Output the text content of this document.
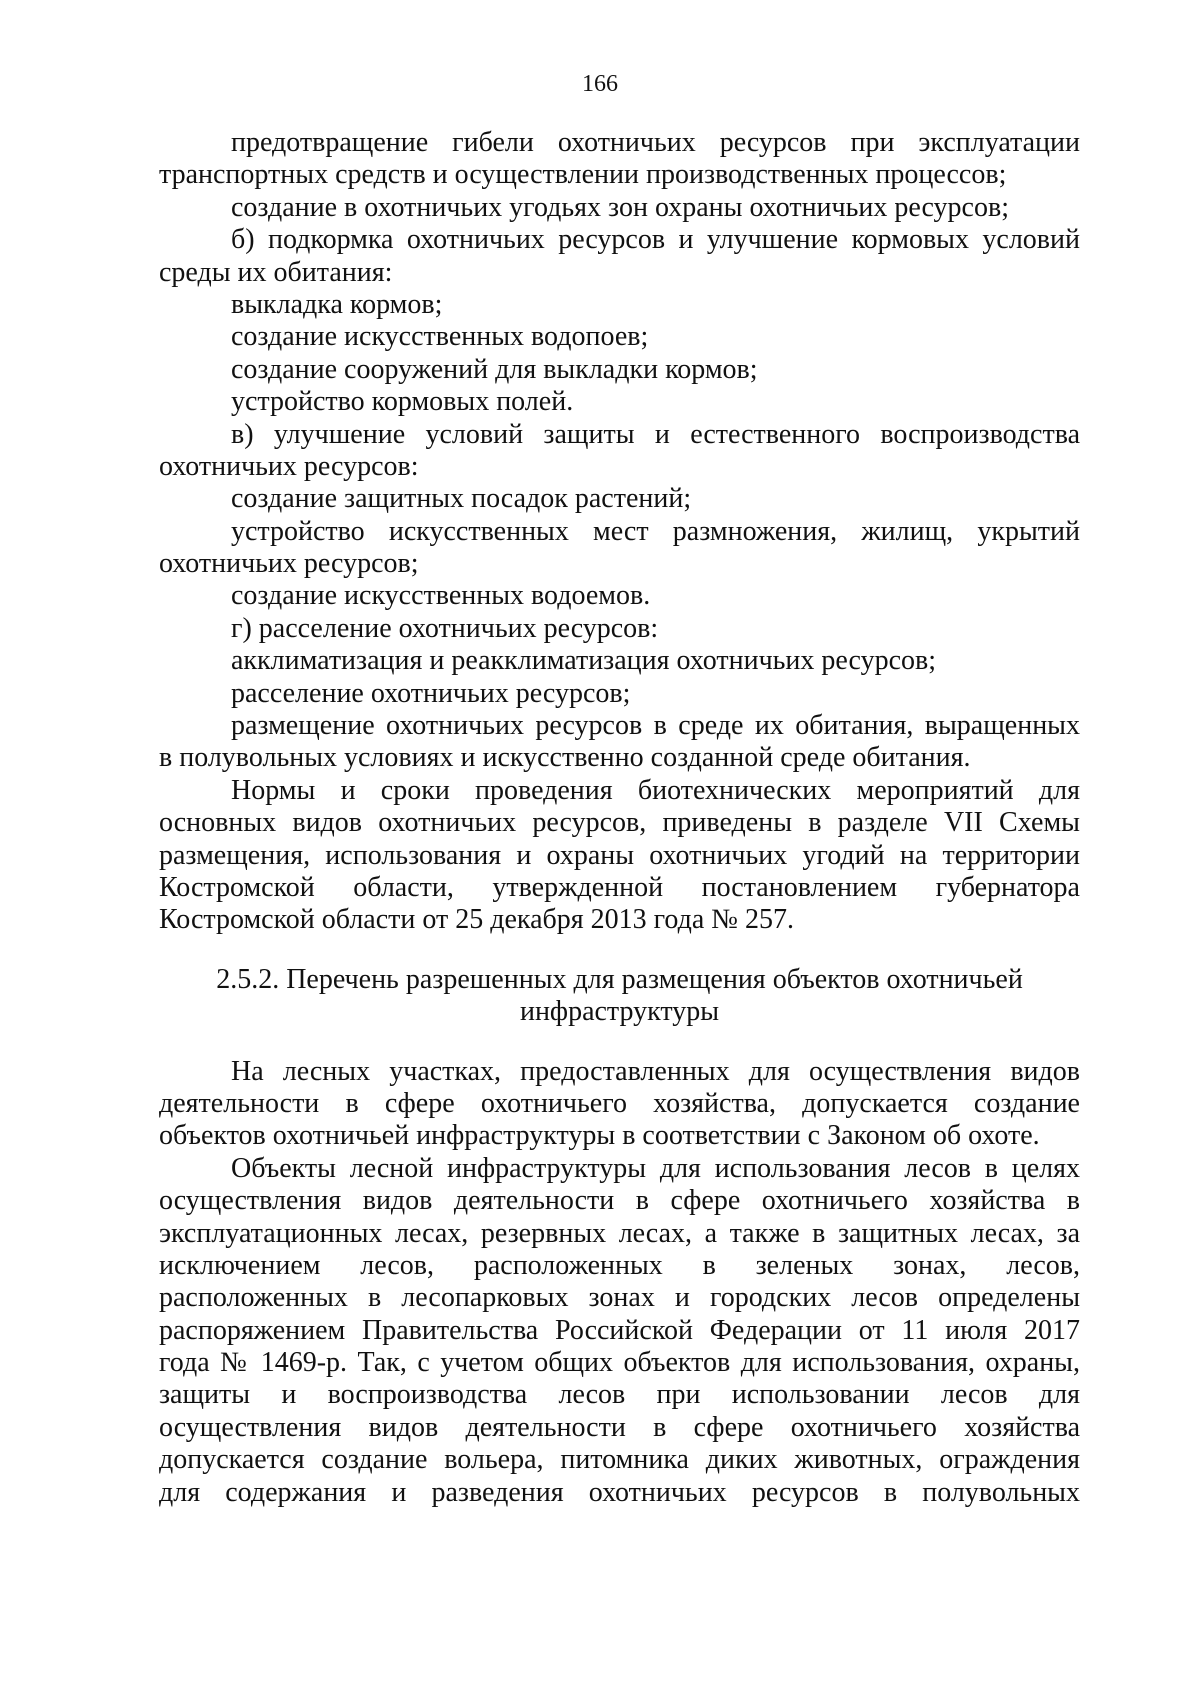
166
предотвращение гибели охотничьих ресурсов при эксплуатации
транспортных средств и осуществлении производственных процессов;
создание в охотничьих угодьях зон охраны охотничьих ресурсов;
б) подкормка охотничьих ресурсов и улучшение кормовых условий
среды их обитания:
выкладка кормов;
создание искусственных водопоев;
создание сооружений для выкладки кормов;
устройство кормовых полей.
в) улучшение условий защиты и естественного воспроизводства
охотничьих ресурсов:
создание защитных посадок растений;
устройство искусственных мест размножения, жилищ, укрытий
охотничьих ресурсов;
создание искусственных водоемов.
г) расселение охотничьих ресурсов:
акклиматизация и реакклиматизация охотничьих ресурсов;
расселение охотничьих ресурсов;
размещение охотничьих ресурсов в среде их обитания, выращенных
в полувольных условиях и искусственно созданной среде обитания.
Нормы и сроки проведения биотехнических мероприятий для
основных видов охотничьих ресурсов, приведены в разделе VII Схемы
размещения, использования и охраны охотничьих угодий на территории
Костромской области, утвержденной постановлением губернатора
Костромской области от 25 декабря 2013 года № 257.
2.5.2. Перечень разрешенных для размещения объектов охотничьей
инфраструктуры
На лесных участках, предоставленных для осуществления видов
деятельности в сфере охотничьего хозяйства, допускается создание
объектов охотничьей инфраструктуры в соответствии с Законом об охоте.
Объекты лесной инфраструктуры для использования лесов в целях
осуществления видов деятельности в сфере охотничьего хозяйства в
эксплуатационных лесах, резервных лесах, а также в защитных лесах, за
исключением лесов, расположенных в зеленых зонах, лесов,
расположенных в лесопарковых зонах и городских лесов определены
распоряжением Правительства Российской Федерации от 11 июля 2017
года № 1469-р. Так, с учетом общих объектов для использования, охраны,
защиты и воспроизводства лесов при использовании лесов для
осуществления видов деятельности в сфере охотничьего хозяйства
допускается создание вольера, питомника диких животных, ограждения
для содержания и разведения охотничьих ресурсов в полувольных
